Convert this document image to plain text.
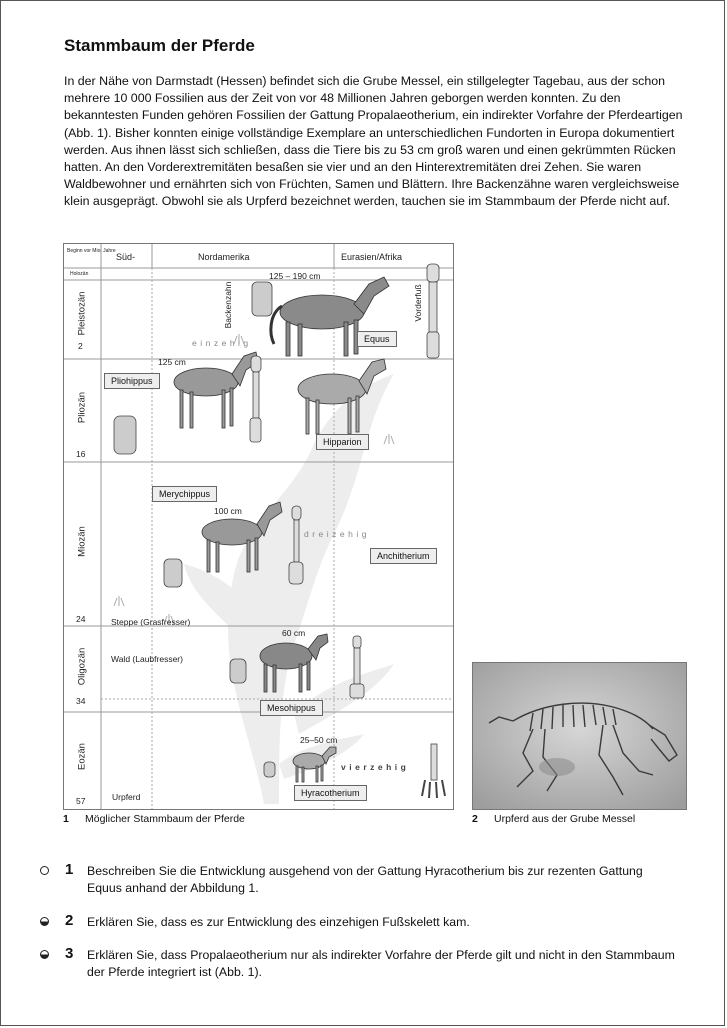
Stammbaum der Pferde

In der Nähe von Darmstadt (Hessen) befindet sich die Grube Messel, ein stillgelegter Tagebau, aus der schon mehrere 10 000 Fossilien aus der Zeit von vor 48 Millionen Jahren geborgen werden konnten. Zu den bekanntesten Funden gehören Fossilien der Gattung Propalaeotherium, ein indirekter Vorfahre der Pferdeartigen (Abb. 1). Bisher konnten einige vollständige Exemplare an unterschiedlichen Fundorten in Europa dokumentiert werden. Aus ihnen lässt sich schließen, dass die Tiere bis zu 53 cm groß waren und einen gekrümmten Rücken hatten. An den Vorderextremitäten besaßen sie vier und an den Hinterextremitäten drei Zehen. Sie waren Waldbewohner und ernährten sich von Früchten, Samen und Blättern. Ihre Backenzähne waren vergleichsweise klein ausgeprägt. Obwohl sie als Urpferd bezeichnet werden, tauchen sie im Stammbaum der Pferde nicht auf.

Beginn vor Mio. Jahre
Süd-	Nordamerika	Eurasien/Afrika
Holozän
Pleistozän
2
Pliozän
16
Miozän
24
Oligozän
34
Eozän
57
125 – 190 cm
125 cm
100 cm
60 cm
25–50 cm
Backenzahn	Vorderfuß
Equus
Pliohippus
Hipparion
Merychippus
Anchitherium
Mesohippus
Hyracotherium
einzehig
dreizehig
vierzehig
Steppe (Grasfresser)
Wald (Laubfresser)
Urpferd
1 Möglicher Stammbaum der Pferde	2 Urpferd aus der Grube Messel
1 Beschreiben Sie die Entwicklung ausgehend von der Gattung Hyracotherium bis zur rezenten Gattung Equus anhand der Abbildung 1.
2 Erklären Sie, dass es zur Entwicklung des einzehigen Fußskelett kam.
3 Erklären Sie, dass Propalaeotherium nur als indirekter Vorfahre der Pferde gilt und nicht in den Stammbaum der Pferde integriert ist (Abb. 1).
